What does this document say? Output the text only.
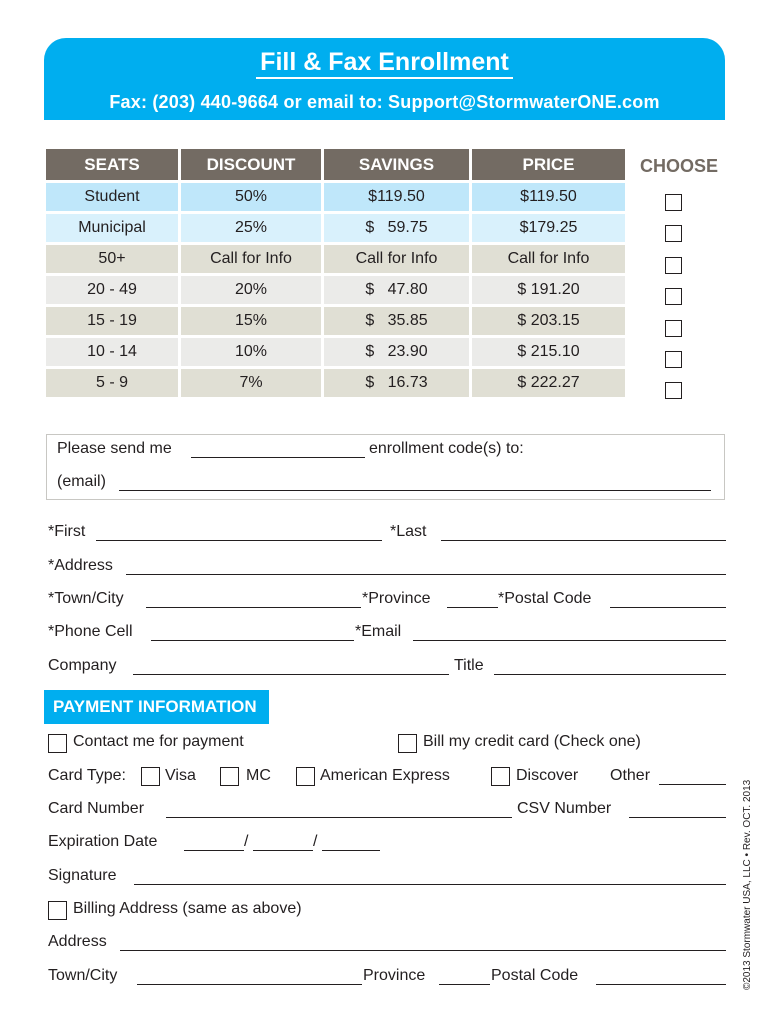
Fill & Fax Enrollment
Fax: (203) 440-9664 or email to: Support@StormwaterONE.com
SEATS	DISCOUNT	SAVINGS	PRICE
Student	50%	$119.50	$119.50
Municipal	25%	$   59.75	$179.25
50+	Call for Info	Call for Info	Call for Info
20 - 49	20%	$   47.80	$ 191.20
15 - 19	15%	$   35.85	$ 203.15
10 - 14	10%	$   23.90	$ 215.10
5 - 9	7%	$   16.73	$ 222.27
CHOOSE
Please send me	enrollment code(s) to:
(email)
*First	*Last
*Address
*Town/City	*Province	*Postal Code
*Phone Cell	*Email
Company	Title
PAYMENT INFORMATION
Contact me for payment	Bill my credit card (Check one)
Card Type: Visa	MC	American Express	Discover Other
Card Number	CSV Number
Expiration Date	/	/
Signature
Billing Address (same as above)
Address
Town/City	Province	Postal Code	©2013 Stormwater USA, LLC • Rev. OCT. 2013
